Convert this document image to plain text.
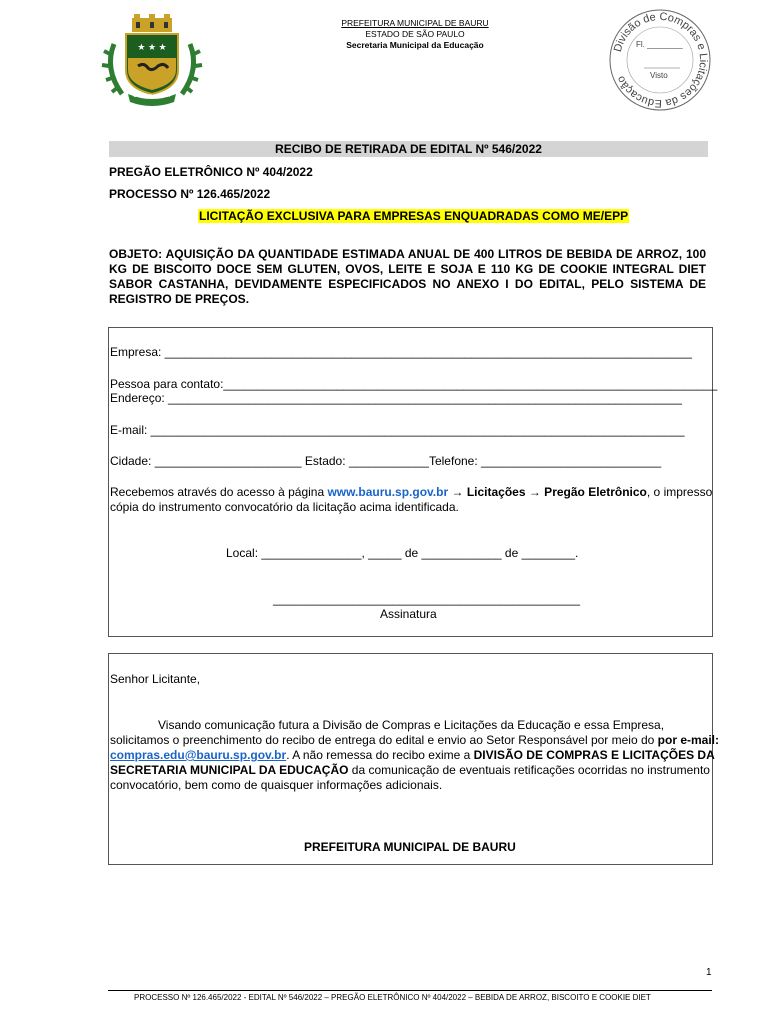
★ ★ ★
CUSTOS VIGILAT
PREFEITURA MUNICIPAL DE BAURU
ESTADO DE SÃO PAULO
Secretaria Municipal da Educação	Divisão de Compras e Licitações da Educação
Fl. ________
Visto
RECIBO DE RETIRADA DE EDITAL Nº 546/2022
PREGÃO ELETRÔNICO Nº 404/2022
PROCESSO Nº 126.465/2022
LICITAÇÃO EXCLUSIVA PARA EMPRESAS ENQUADRADAS COMO ME/EPP
OBJETO: AQUISIÇÃO DA QUANTIDADE ESTIMADA ANUAL DE 400 LITROS DE BEBIDA DE ARROZ, 100 KG DE BISCOITO DOCE SEM GLUTEN, OVOS, LEITE E SOJA E 110 KG DE COOKIE INTEGRAL DIET SABOR CASTANHA, DEVIDAMENTE ESPECIFICADOS NO ANEXO I DO EDITAL, PELO SISTEMA DE REGISTRO DE PREÇOS.
Empresa: _______________________________________________________________________________
Pessoa para contato:__________________________________________________________________________
Endereço: _____________________________________________________________________________
E-mail: ________________________________________________________________________________
Cidade: ______________________ Estado: ____________Telefone: ___________________________
Recebemos através do acesso à página www.bauru.sp.gov.br → Licitações → Pregão Eletrônico, o impresso
cópia do instrumento convocatório da licitação acima identificada.
Local: _______________, _____ de ____________ de ________.
______________________________________________
Assinatura
Senhor Licitante,
Visando comunicação futura a Divisão de Compras e Licitações da Educação e essa Empresa,
solicitamos o preenchimento do recibo de entrega do edital e envio ao Setor Responsável por meio do por e-mail:
compras.edu@bauru.sp.gov.br. A não remessa do recibo exime a DIVISÃO DE COMPRAS E LICITAÇÕES DA
SECRETARIA MUNICIPAL DA EDUCAÇÃO da comunicação de eventuais retificações ocorridas no instrumento
convocatório, bem como de quaisquer informações adicionais.
PREFEITURA MUNICIPAL DE BAURU
1
PROCESSO Nº 126.465/2022 - EDITAL Nº 546/2022 – PREGÃO ELETRÔNICO Nº 404/2022 – BEBIDA DE ARROZ, BISCOITO E COOKIE DIET
